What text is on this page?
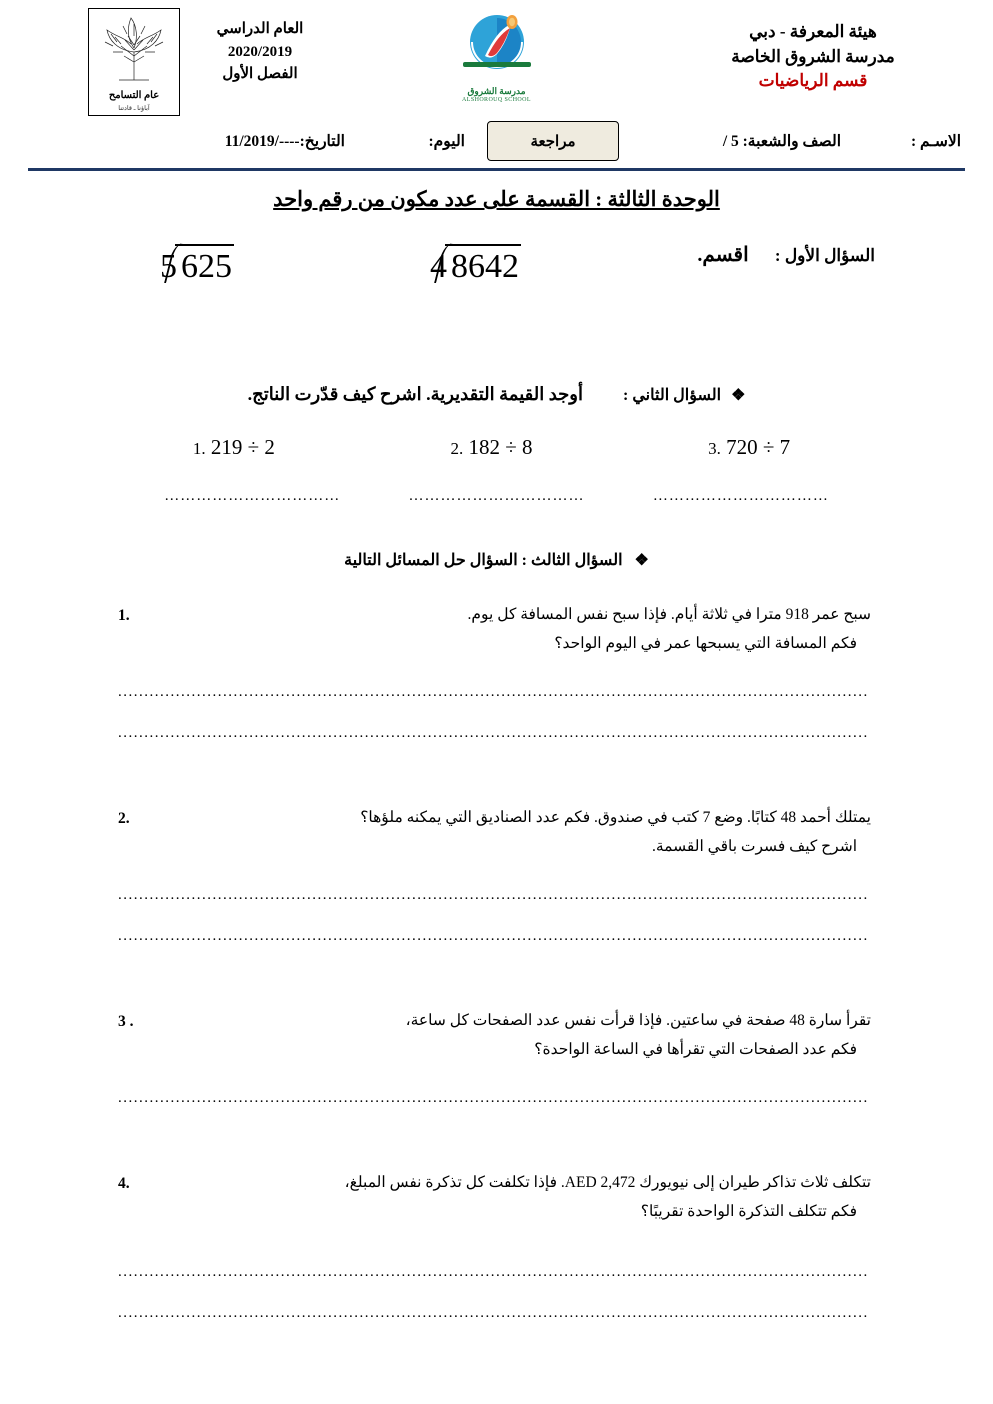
هيئة المعرفة - دبي
مدرسة الشروق الخاصة
قسم الرياضيات
مدرسة الشروق
ALSHOROUQ SCHOOL
العام الدراسي
2020/2019
الفصل الأول
عام التسامح
آباؤنا ـ قادتنا
الاسـم :
الصف والشعبة: 5 /
مراجعة
اليوم:
التاريخ:----/11/2019
الوحدة الثالثة : القسمة على عدد مكون من رقم واحد
السؤال الأول : اقسم.
4 8642
5 625
❖ السؤال الثاني : أوجد القيمة التقديرية. اشرح كيف قدّرت الناتج.
720 ÷ 7 .3
182 ÷ 8 .2
219 ÷ 2 .1
……………………………
……………………………
……………………………
❖ السؤال الثالث : السؤال حل المسائل التالية
سبح عمر 918 مترا في ثلاثة أيام. فإذا سبح نفس المسافة كل يوم.
فكم المسافة التي يسبحها عمر في اليوم الواحد؟
1.
...............................................................................................................................................
...............................................................................................................................................
يمتلك أحمد 48 كتابًا. وضع 7 كتب في صندوق. فكم عدد الصناديق التي يمكنه ملؤها؟
اشرح كيف فسرت باقي القسمة.
2.
...............................................................................................................................................
...............................................................................................................................................
تقرأ سارة 48 صفحة في ساعتين. فإذا قرأت نفس عدد الصفحات كل ساعة،
فكم عدد الصفحات التي تقرأها في الساعة الواحدة؟
3 .
...............................................................................................................................................
تتكلف ثلاث تذاكر طيران إلى نيويورك AED 2,472. فإذا تكلفت كل تذكرة نفس المبلغ،
فكم تتكلف التذكرة الواحدة تقريبًا؟
4.
...............................................................................................................................................
...............................................................................................................................................
